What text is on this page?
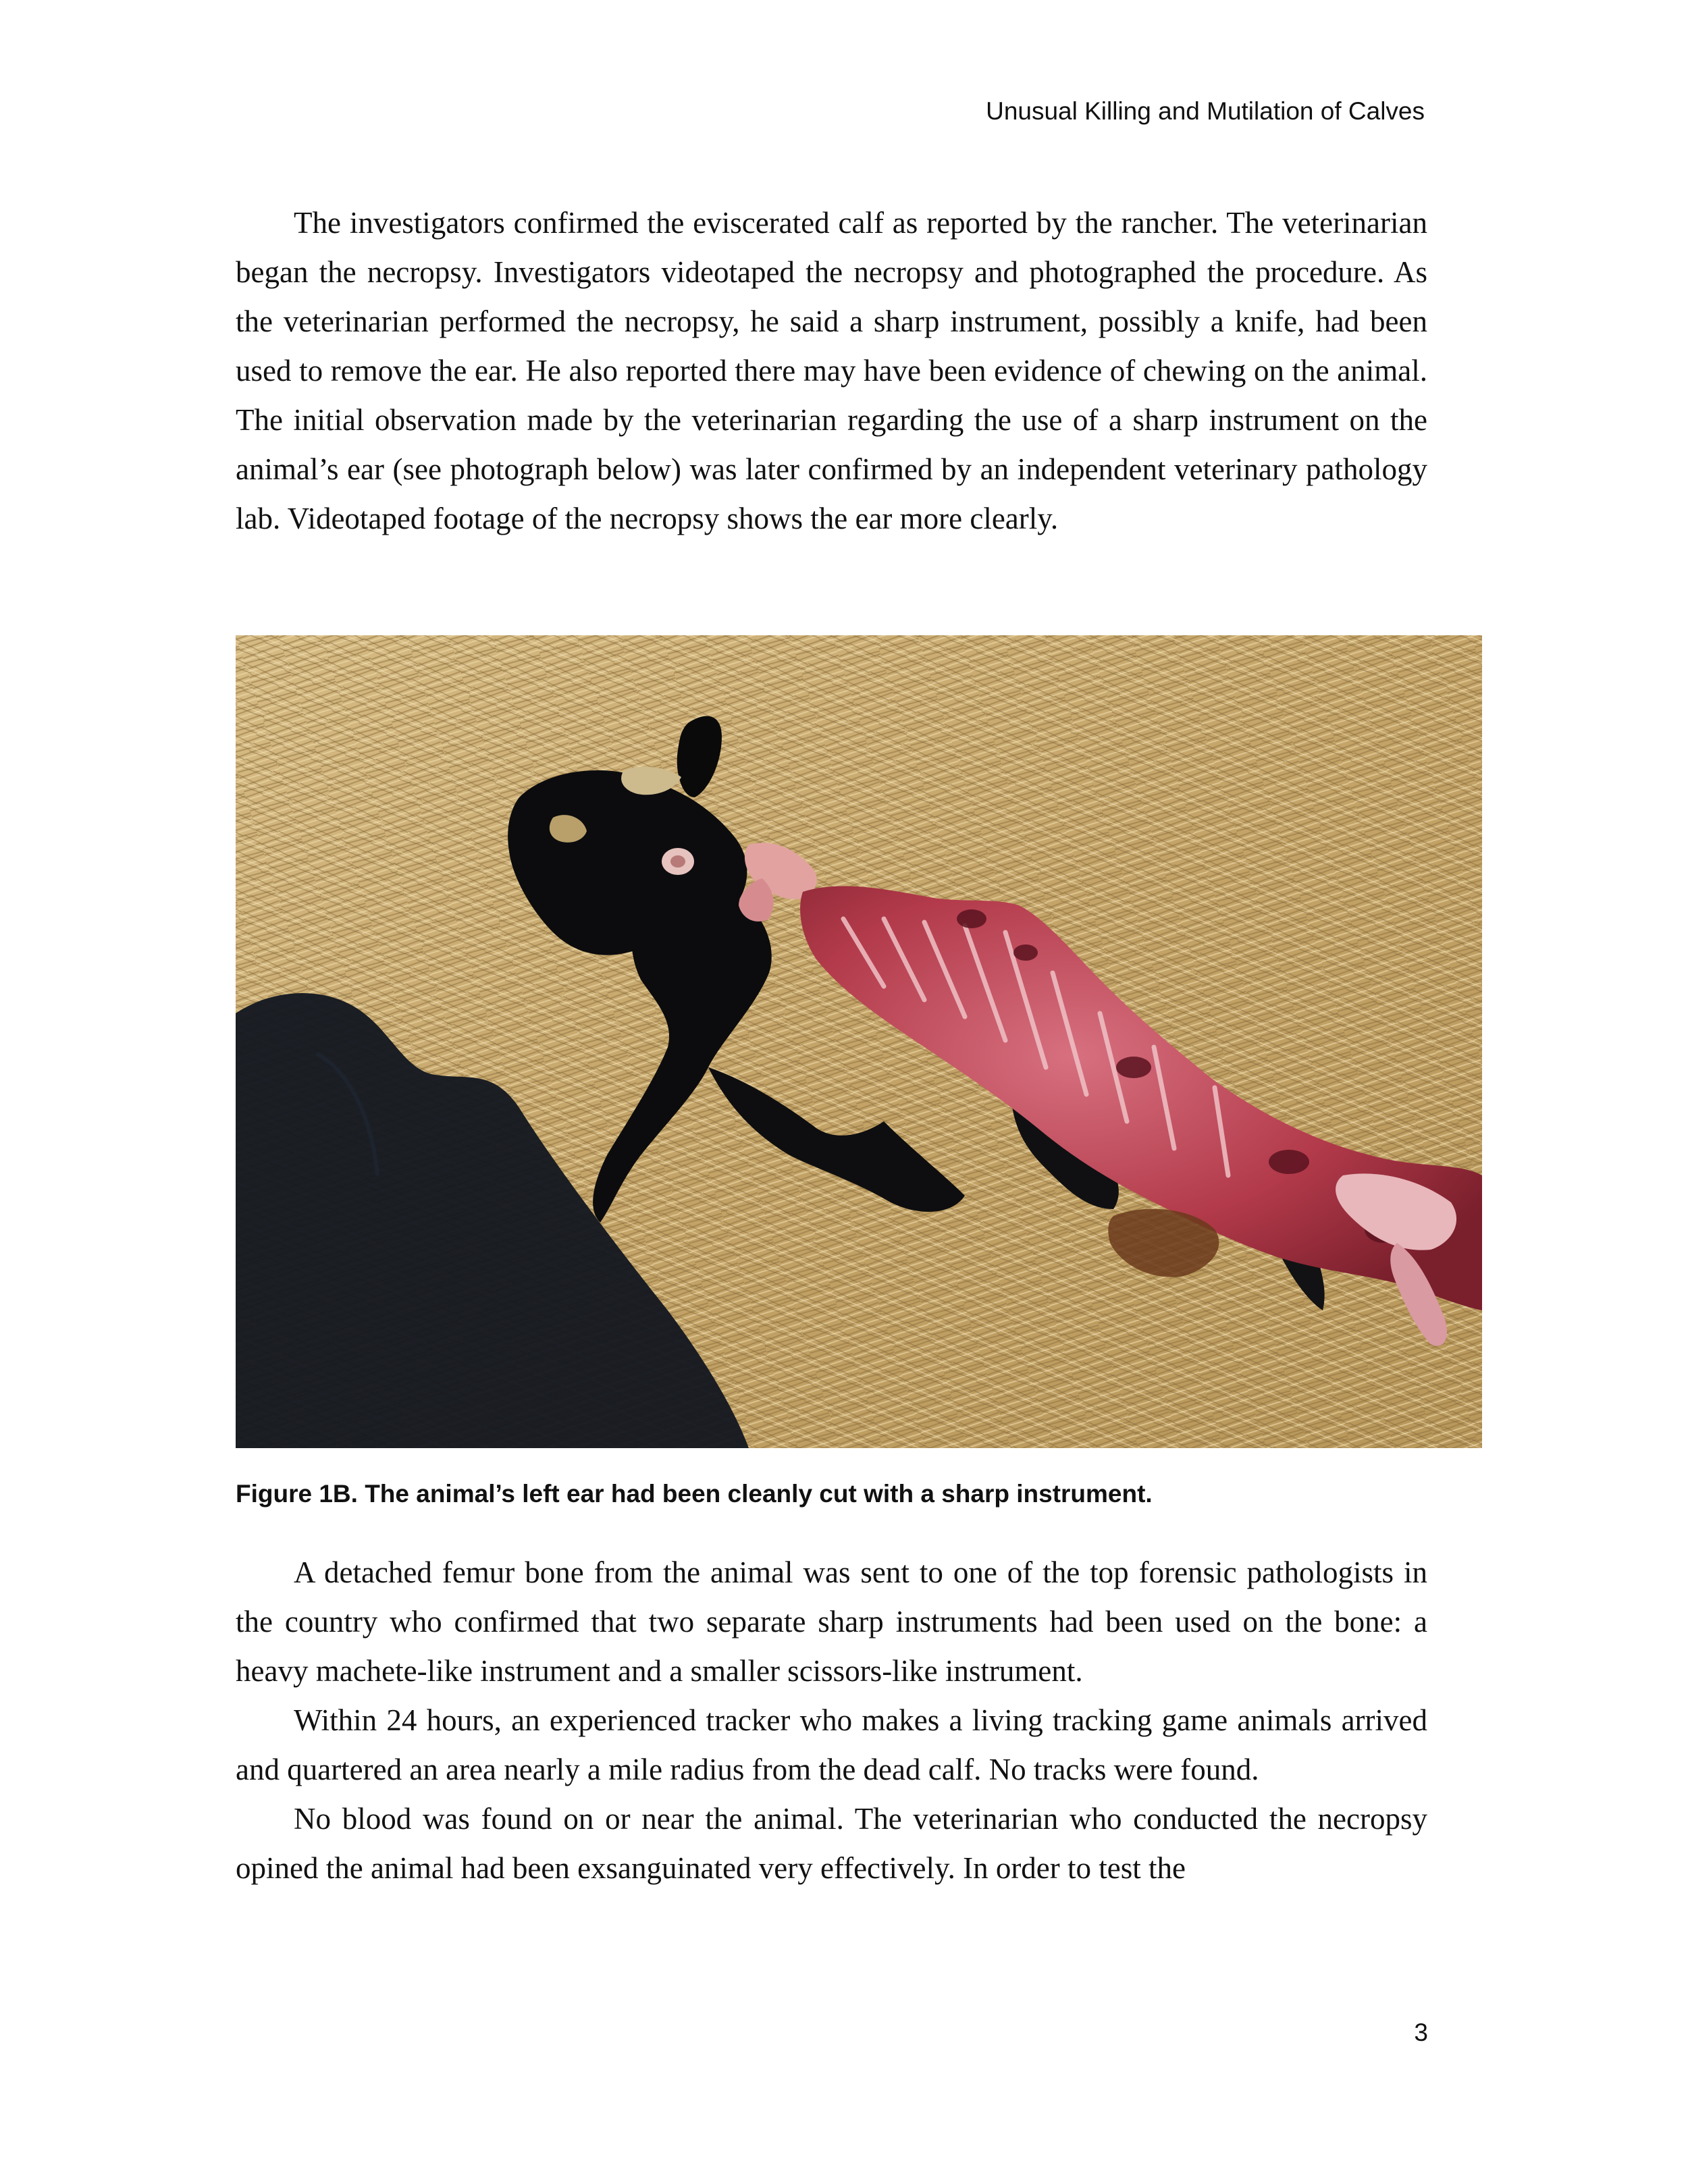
Unusual Killing and Mutilation of Calves

The investigators confirmed the eviscerated calf as reported by the rancher. The veterinarian began the necropsy. Investigators videotaped the necropsy and photographed the procedure. As the veterinarian performed the necropsy, he said a sharp instrument, possibly a knife, had been used to remove the ear. He also reported there may have been evidence of chewing on the animal. The initial observation made by the veterinarian regarding the use of a sharp instrument on the animal’s ear (see photograph below) was later confirmed by an independent veterinary pathology lab. Videotaped footage of the necropsy shows the ear more clearly.

Figure 1B. The animal’s left ear had been cleanly cut with a sharp instrument.

A detached femur bone from the animal was sent to one of the top forensic pathologists in the country who confirmed that two separate sharp instruments had been used on the bone: a heavy machete-like instrument and a smaller scissors-like instrument.

Within 24 hours, an experienced tracker who makes a living tracking game animals arrived and quartered an area nearly a mile radius from the dead calf. No tracks were found.

No blood was found on or near the animal. The veterinarian who conducted the necropsy opined the animal had been exsanguinated very effectively. In order to test the

3
